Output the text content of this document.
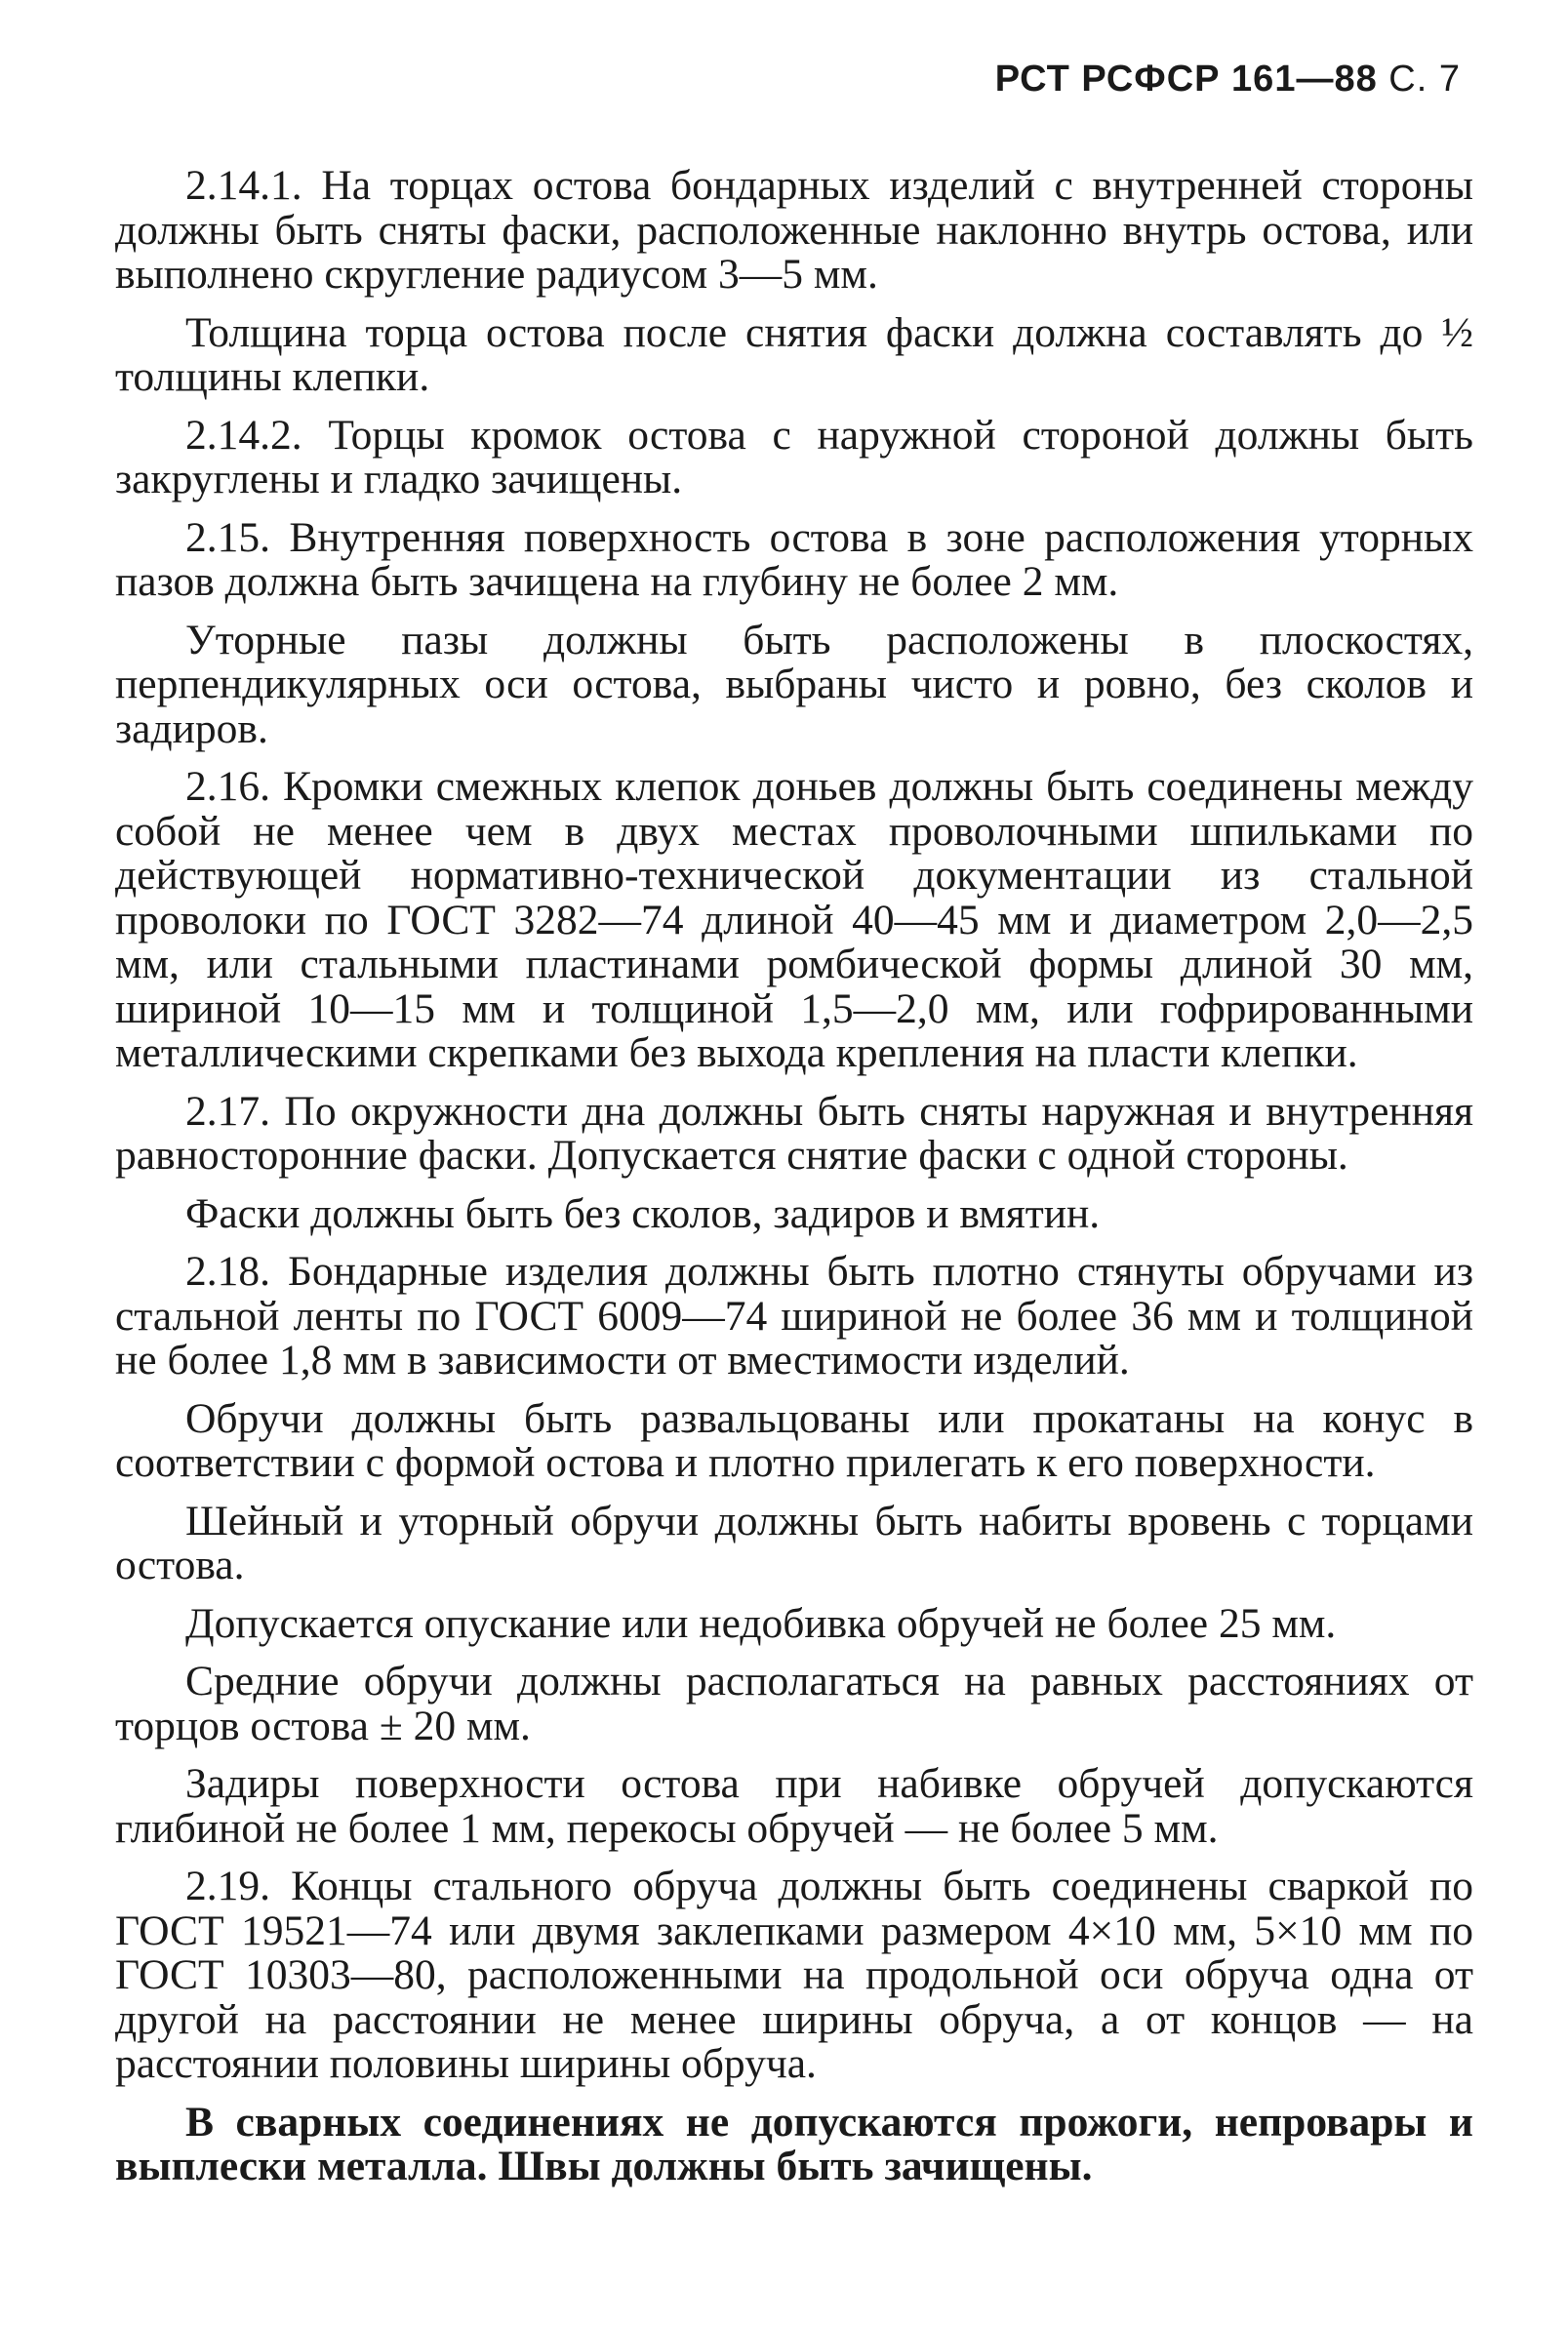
РСТ РСФСР 161—88 С. 7

2.14.1. На торцах остова бондарных изделий с внутренней стороны должны быть сняты фаски, расположенные наклонно внутрь остова, или выполнено скругление радиусом 3—5 мм.

Толщина торца остова после снятия фаски должна составлять до ½ толщины клепки.

2.14.2. Торцы кромок остова с наружной стороной должны быть закруглены и гладко зачищены.

2.15. Внутренняя поверхность остова в зоне расположения уторных пазов должна быть зачищена на глубину не более 2 мм.

Уторные пазы должны быть расположены в плоскостях, перпендикулярных оси остова, выбраны чисто и ровно, без сколов и задиров.

2.16. Кромки смежных клепок доньев должны быть соединены между собой не менее чем в двух местах проволочными шпильками по действующей нормативно-технической документации из стальной проволоки по ГОСТ 3282—74 длиной 40—45 мм и диаметром 2,0—2,5 мм, или стальными пластинами ромбической формы длиной 30 мм, шириной 10—15 мм и толщиной 1,5—2,0 мм, или гофрированными металлическими скрепками без выхода крепления на пласти клепки.

2.17. По окружности дна должны быть сняты наружная и внутренняя равносторонние фаски. Допускается снятие фаски с одной стороны.

Фаски должны быть без сколов, задиров и вмятин.

2.18. Бондарные изделия должны быть плотно стянуты обручами из стальной ленты по ГОСТ 6009—74 шириной не более 36 мм и толщиной не более 1,8 мм в зависимости от вместимости изделий.

Обручи должны быть развальцованы или прокатаны на конус в соответствии с формой остова и плотно прилегать к его поверхности.

Шейный и уторный обручи должны быть набиты вровень с торцами остова.

Допускается опускание или недобивка обручей не более 25 мм.

Средние обручи должны располагаться на равных расстояниях от торцов остова ± 20 мм.

Задиры поверхности остова при набивке обручей допускаются глибиной не более 1 мм, перекосы обручей — не более 5 мм.

2.19. Концы стального обруча должны быть соединены сваркой по ГОСТ 19521—74 или двумя заклепками размером 4×10 мм, 5×10 мм по ГОСТ 10303—80, расположенными на продольной оси обруча одна от другой на расстоянии не менее ширины обруча, а от концов — на расстоянии половины ширины обруча.

В сварных соединениях не допускаются прожоги, непровары и выплески металла. Швы должны быть зачищены.
